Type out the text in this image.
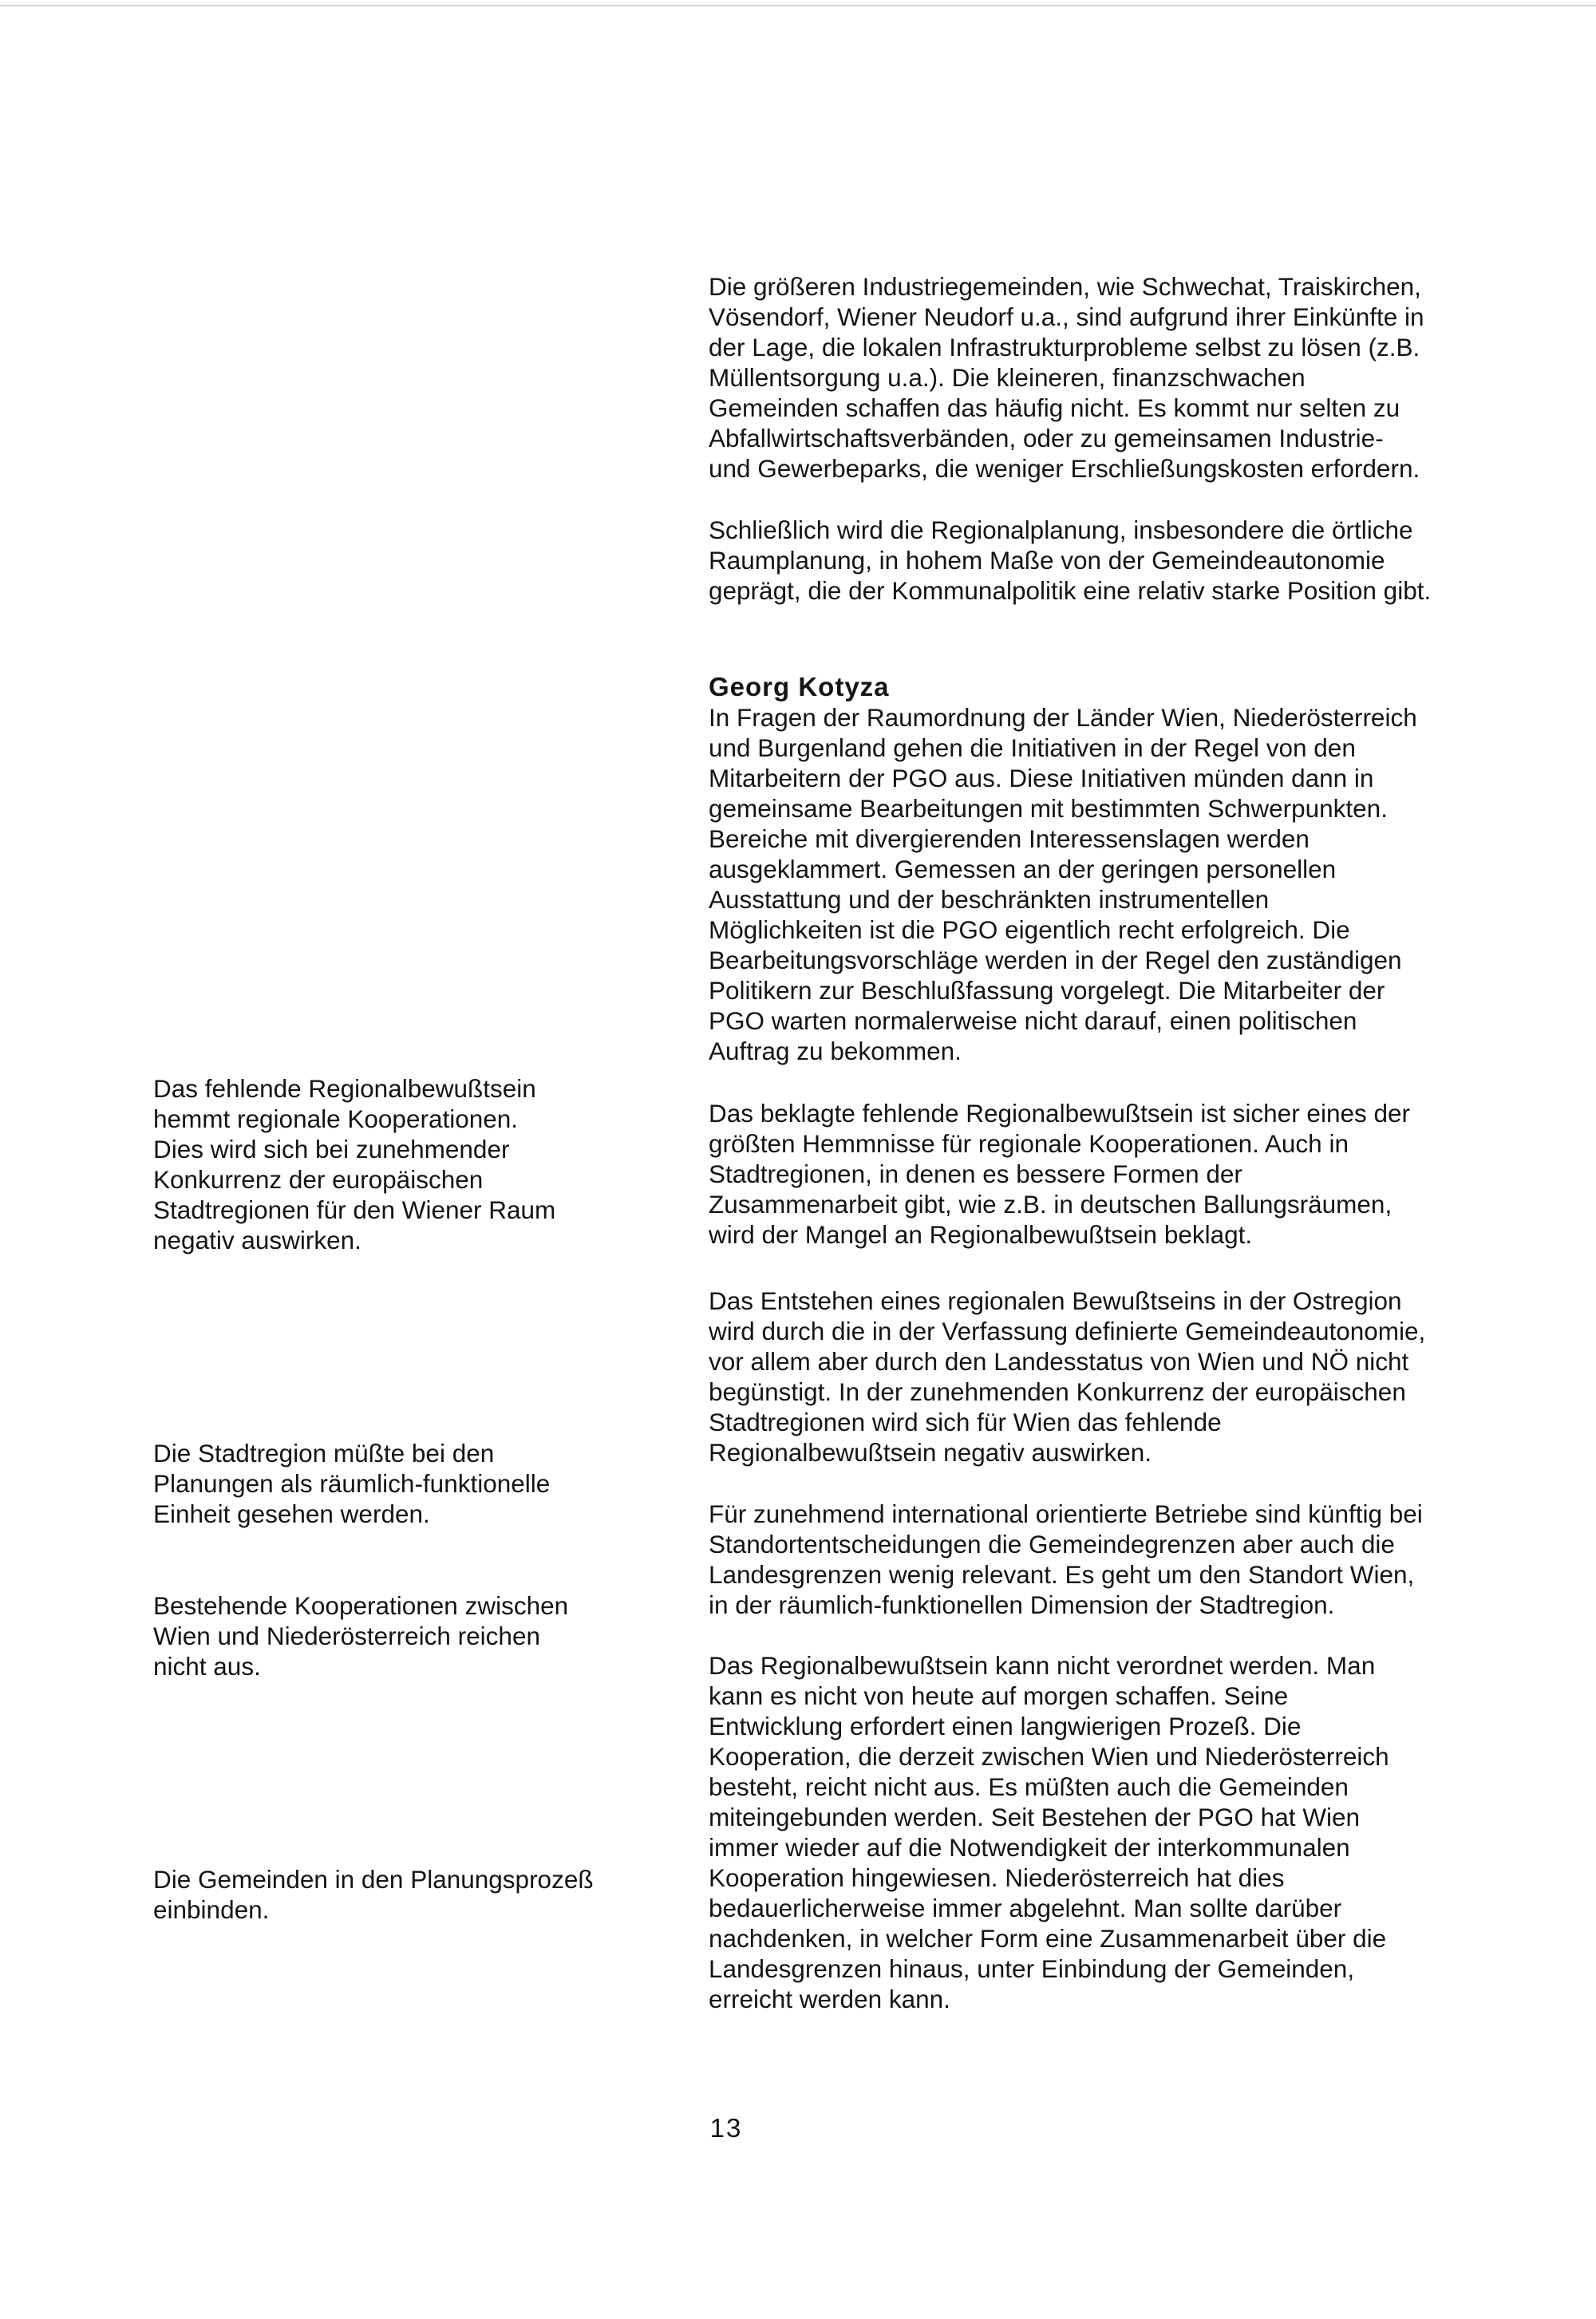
Die größeren Industriegemeinden, wie Schwechat, Traiskirchen,
Vösendorf, Wiener Neudorf u.a., sind aufgrund ihrer Einkünfte in
der Lage, die lokalen Infrastrukturprobleme selbst zu lösen (z.B.
Müllentsorgung u.a.). Die kleineren, finanzschwachen
Gemeinden schaffen das häufig nicht. Es kommt nur selten zu
Abfallwirtschaftsverbänden, oder zu gemeinsamen Industrie-
und Gewerbeparks, die weniger Erschließungskosten erfordern.

Schließlich wird die Regionalplanung, insbesondere die örtliche
Raumplanung, in hohem Maße von der Gemeindeautonomie
geprägt, die der Kommunalpolitik eine relativ starke Position gibt.

Georg Kotyza

In Fragen der Raumordnung der Länder Wien, Niederösterreich
und Burgenland gehen die Initiativen in der Regel von den
Mitarbeitern der PGO aus. Diese Initiativen münden dann in
gemeinsame Bearbeitungen mit bestimmten Schwerpunkten.
Bereiche mit divergierenden Interessenslagen werden
ausgeklammert. Gemessen an der geringen personellen
Ausstattung und der beschränkten instrumentellen
Möglichkeiten ist die PGO eigentlich recht erfolgreich. Die
Bearbeitungsvorschläge werden in der Regel den zuständigen
Politikern zur Beschlußfassung vorgelegt. Die Mitarbeiter der
PGO warten normalerweise nicht darauf, einen politischen
Auftrag zu bekommen.

Das beklagte fehlende Regionalbewußtsein ist sicher eines der
größten Hemmnisse für regionale Kooperationen. Auch in
Stadtregionen, in denen es bessere Formen der
Zusammenarbeit gibt, wie z.B. in deutschen Ballungsräumen,
wird der Mangel an Regionalbewußtsein beklagt.

Das Entstehen eines regionalen Bewußtseins in der Ostregion
wird durch die in der Verfassung definierte Gemeindeautonomie,
vor allem aber durch den Landesstatus von Wien und NÖ nicht
begünstigt. In der zunehmenden Konkurrenz der europäischen
Stadtregionen wird sich für Wien das fehlende
Regionalbewußtsein negativ auswirken.

Für zunehmend international orientierte Betriebe sind künftig bei
Standortentscheidungen die Gemeindegrenzen aber auch die
Landesgrenzen wenig relevant. Es geht um den Standort Wien,
in der räumlich-funktionellen Dimension der Stadtregion.

Das Regionalbewußtsein kann nicht verordnet werden. Man
kann es nicht von heute auf morgen schaffen. Seine
Entwicklung erfordert einen langwierigen Prozeß. Die
Kooperation, die derzeit zwischen Wien und Niederösterreich
besteht, reicht nicht aus. Es müßten auch die Gemeinden
miteingebunden werden. Seit Bestehen der PGO hat Wien
immer wieder auf die Notwendigkeit der interkommunalen
Kooperation hingewiesen. Niederösterreich hat dies
bedauerlicherweise immer abgelehnt. Man sollte darüber
nachdenken, in welcher Form eine Zusammenarbeit über die
Landesgrenzen hinaus, unter Einbindung der Gemeinden,
erreicht werden kann.

Das fehlende Regionalbewußtsein
hemmt regionale Kooperationen.
Dies wird sich bei zunehmender
Konkurrenz der europäischen
Stadtregionen für den Wiener Raum
negativ auswirken.

Die Stadtregion müßte bei den
Planungen als räumlich-funktionelle
Einheit gesehen werden.

Bestehende Kooperationen zwischen
Wien und Niederösterreich reichen
nicht aus.

Die Gemeinden in den Planungsprozeß
einbinden.

13
